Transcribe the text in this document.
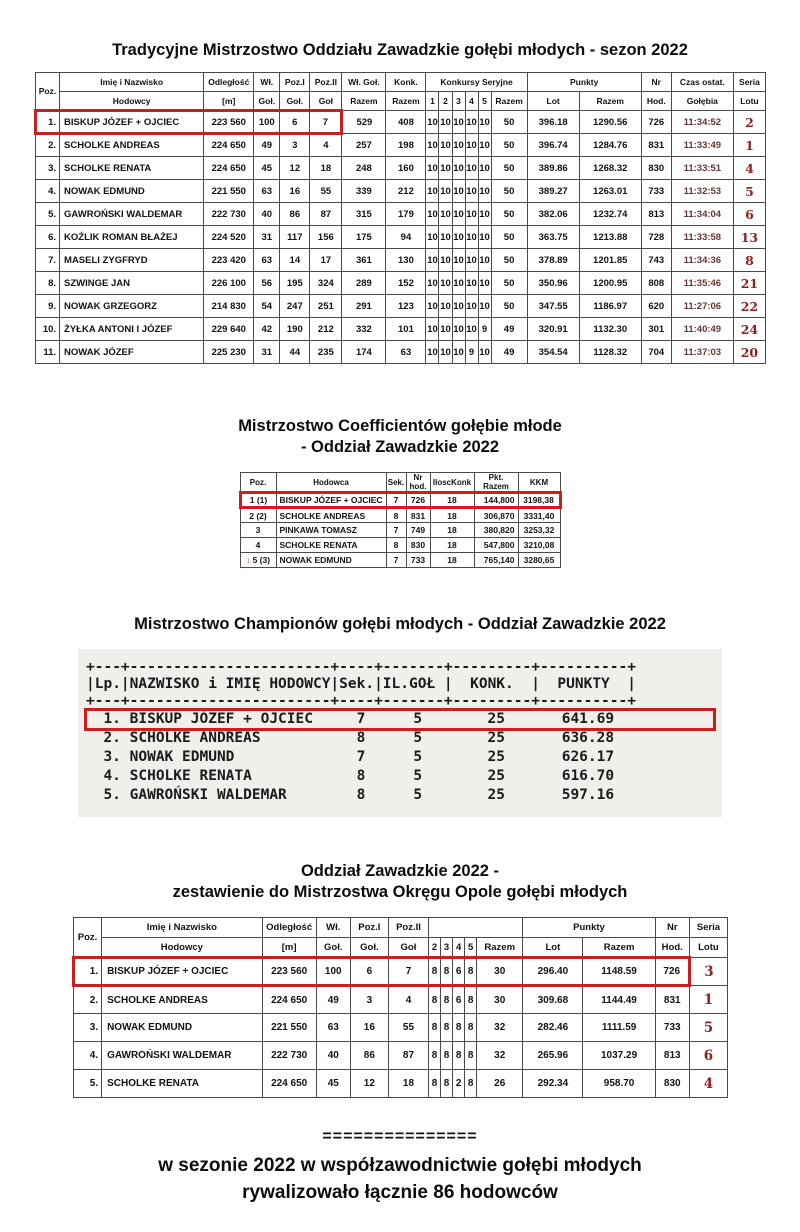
Tradycyjne Mistrzostwo Oddziału Zawadzkie gołębi młodych - sezon 2022
Poz.	Imię i Nazwisko	Odległość	Wł.	Poz.I	Poz.II	Wł. Goł.	Konk.	Konkursy Seryjne						Punkty		Nr	Czas ostat.	Seria
	Hodowcy	[m]	Goł.	Goł.	Goł	Razem	Razem	1	2	3	4	5	Razem	Lot	Razem	Hod.	Gołębia	Lotu
1.	BISKUP JÓZEF + OJCIEC	223 560	100	6	7	529	408	10	10	10	10	10	50	396.18	1290.56	726	11:34:52	2
2.	SCHOLKE ANDREAS	224 650	49	3	4	257	198	10	10	10	10	10	50	396.74	1284.76	831	11:33:49	1
3.	SCHOLKE RENATA	224 650	45	12	18	248	160	10	10	10	10	10	50	389.86	1268.32	830	11:33:51	4
4.	NOWAK EDMUND	221 550	63	16	55	339	212	10	10	10	10	10	50	389.27	1263.01	733	11:32:53	5
5.	GAWROŃSKI WALDEMAR	222 730	40	86	87	315	179	10	10	10	10	10	50	382.06	1232.74	813	11:34:04	6
6.	KOŹLIK ROMAN BŁAŻEJ	224 520	31	117	156	175	94	10	10	10	10	10	50	363.75	1213.88	728	11:33:58	13
7.	MASELI ZYGFRYD	223 420	63	14	17	361	130	10	10	10	10	10	50	378.89	1201.85	743	11:34:36	8
8.	SZWINGE JAN	226 100	56	195	324	289	152	10	10	10	10	10	50	350.96	1200.95	808	11:35:46	21
9.	NOWAK GRZEGORZ	214 830	54	247	251	291	123	10	10	10	10	10	50	347.55	1186.97	620	11:27:06	22
10.	ŻYŁKA ANTONI I JÓZEF	229 640	42	190	212	332	101	10	10	10	10	9	49	320.91	1132.30	301	11:40:49	24
11.	NOWAK JÓZEF	225 230	31	44	235	174	63	10	10	10	9	10	49	354.54	1128.32	704	11:37:03	20
Mistrzostwo Coefficientów gołębie młode
- Oddział Zawadzkie 2022
Poz.	Hodowca	Sek.	Nr
hod.	IloscKonk	Pkt.
Razem	KKM
1 (1)	BISKUP JÓZEF + OJCIEC	7	726	18	144,800	3198,38
2 (2)	SCHOLKE ANDREAS	8	831	18	306,870	3331,40
3	PINKAWA TOMASZ	7	749	18	380,820	3253,32
4	SCHOLKE RENATA	8	830	18	547,800	3210,08
↓ 5 (3)	NOWAK EDMUND	7	733	18	765,140	3280,65
Mistrzostwo Championów gołębi młodych - Oddział Zawadzkie 2022
+---+-----------------------+----+-------+---------+----------+
|Lp.|NAZWISKO i IMIĘ HODOWCY|Sek.|IL.GOŁ |  KONK.  |  PUNKTY  |
+---+-----------------------+----+-------+---------+----------+
1. BISKUP JÓZEF + OJCIEC	7	5	25	641.69
2. SCHOLKE ANDREAS	8	5	25	636.28
3. NOWAK EDMUND	7	5	25	626.17
4. SCHOLKE RENATA	8	5	25	616.70
5. GAWROŃSKI WALDEMAR	8	5	25	597.16
Oddział Zawadzkie 2022 -
zestawienie do Mistrzostwa Okręgu Opole gołębi młodych
Poz.	Imię i Nazwisko	Odległość	Wł.	Poz.I	Poz.II						Punkty		Nr	Seria
	Hodowcy	[m]	Goł.	Goł.	Goł	2	3	4	5	Razem	Lot	Razem	Hod.	Lotu
1.	BISKUP JÓZEF + OJCIEC	223 560	100	6	7	8	8	6	8	30	296.40	1148.59	726	3
2.	SCHOLKE ANDREAS	224 650	49	3	4	8	8	6	8	30	309.68	1144.49	831	1
3.	NOWAK EDMUND	221 550	63	16	55	8	8	8	8	32	282.46	1111.59	733	5
4.	GAWROŃSKI WALDEMAR	222 730	40	86	87	8	8	8	8	32	265.96	1037.29	813	6
5.	SCHOLKE RENATA	224 650	45	12	18	8	8	2	8	26	292.34	958.70	830	4
===============
w sezonie 2022 w współzawodnictwie gołębi młodych
rywalizowało łącznie 86 hodowców
